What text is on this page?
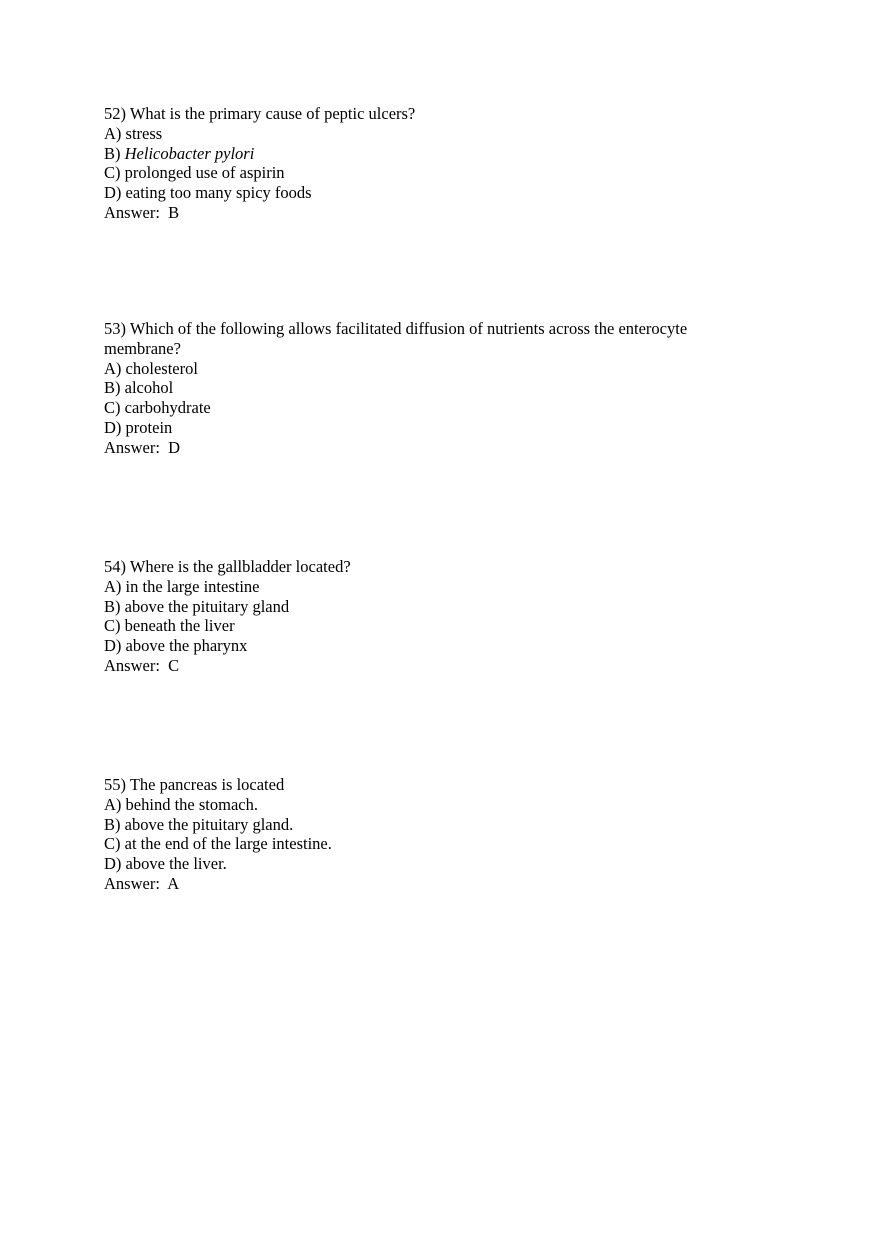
52) What is the primary cause of peptic ulcers?
A) stress
B) Helicobacter pylori
C) prolonged use of aspirin
D) eating too many spicy foods
Answer: B
53) Which of the following allows facilitated diffusion of nutrients across the enterocyte membrane?
A) cholesterol
B) alcohol
C) carbohydrate
D) protein
Answer: D
54) Where is the gallbladder located?
A) in the large intestine
B) above the pituitary gland
C) beneath the liver
D) above the pharynx
Answer: C
55) The pancreas is located
A) behind the stomach.
B) above the pituitary gland.
C) at the end of the large intestine.
D) above the liver.
Answer: A
